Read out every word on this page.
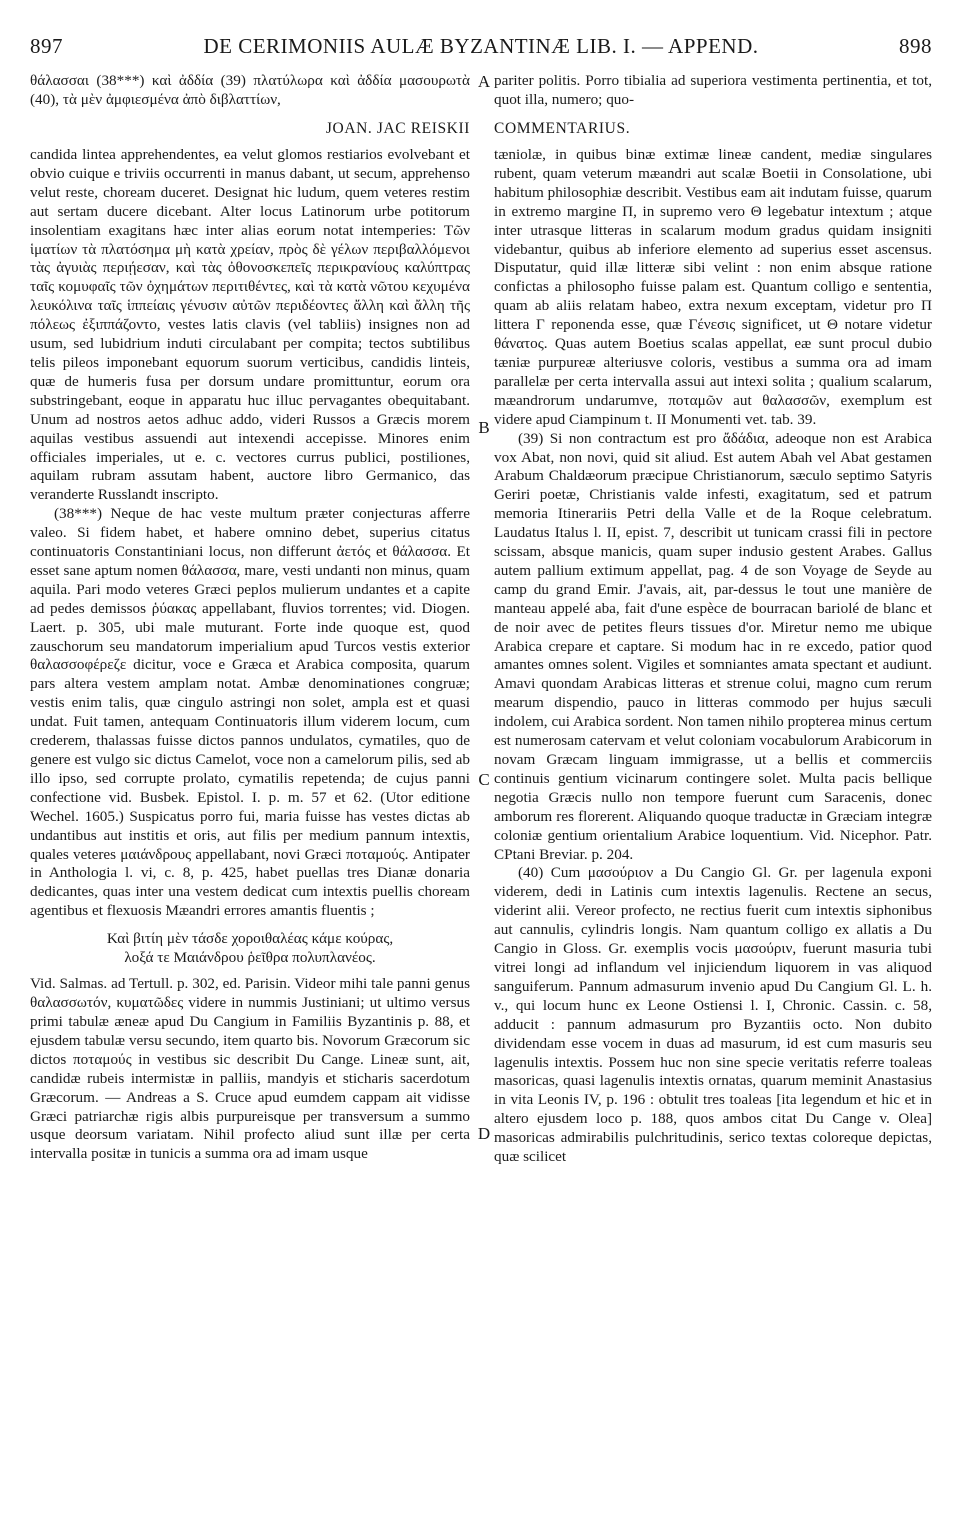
897	DE CERIMONIIS AULÆ BYZANTINÆ LIB. I. — APPEND.	898
θάλασσαι (38***) καὶ ἀδδία (39) πλατύλωρα καὶ ἀδδία μασουρωτὰ (40), τὰ μὲν ἀμφιεσμένα ἀπὸ διβλαττίων,
pariter politis. Porro tibialia ad superiora vestimenta pertinentia, et tot, quot illa, numero; quo-
JOAN. JAC REISKII COMMENTARIUS.
A
B
C
D

candida lintea apprehendentes, ea velut glomos restiarios evolvebant et obvio cuique e triviis occurrenti in manus dabant, ut secum, apprehenso velut reste, choream duceret. Designat hic ludum, quem veteres restim aut sertam ducere dicebant. Alter locus Latinorum urbe potitorum insolentiam exagitans hæc inter alias eorum notat intemperies: Τῶν ἱματίων τὰ πλατόσημα μὴ κατὰ χρείαν, πρὸς δὲ γέλων περιβαλλόμενοι τὰς ἀγυιὰς περιῄεσαν, καὶ τὰς ὀθονοσκεπεῖς περικρανίους καλύπτρας ταῖς κομυφαῖς τῶν ὀχημάτων περιτιθέντες, καὶ τὰ κατὰ νῶτου κεχυμένα λευκόλινα ταῖς ἱππείαις γένυσιν αὐτῶν περιδέοντες ἄλλη καὶ ἄλλη τῆς πόλεως ἐξιππάζοντο, vestes latis clavis (vel tabliis) insignes non ad usum, sed lubidrium induti circulabant per compita; tectos subtilibus telis pileos imponebant equorum suorum verticibus, candidis linteis, quæ de humeris fusa per dorsum undare promittuntur, eorum ora substringebant, eoque in apparatu huc illuc pervagantes obequitabant. Unum ad nostros aetos adhuc addo, videri Russos a Græcis morem aquilas vestibus assuendi aut intexendi accepisse. Minores enim officiales imperiales, ut e. c. vectores currus publici, postiliones, aquilam rubram assutam habent, auctore libro Germanico, das veranderte Russlandt inscripto.

(38***) Neque de hac veste multum præter conjecturas afferre valeo. Si fidem habet, et habere omnino debet, superius citatus continuatoris Constantiniani locus, non differunt ἀετός et θάλασσα. Et esset sane aptum nomen θάλασσα, mare, vesti undanti non minus, quam aquila. Pari modo veteres Græci peplos mulierum undantes et a capite ad pedes demissos ῥύακας appellabant, fluvios torrentes; vid. Diogen. Laert. p. 305, ubi male muturant. Forte inde quoque est, quod zauschorum seu mandatorum imperialium apud Turcos vestis exterior θαλασσοφέρεζε dicitur, voce e Græca et Arabica composita, quarum pars altera vestem amplam notat. Ambæ denominationes congruæ; vestis enim talis, quæ cingulo astringi non solet, ampla est et quasi undat. Fuit tamen, antequam Continuatoris illum viderem locum, cum crederem, thalassas fuisse dictos pannos undulatos, cymatiles, quo de genere est vulgo sic dictus Camelot, voce non a camelorum pilis, sed ab illo ipso, sed corrupte prolato, cymatilis repetenda; de cujus panni confectione vid. Busbek. Epistol. I. p. m. 57 et 62. (Utor editione Wechel. 1605.) Suspicatus porro fui, maria fuisse has vestes dictas ab undantibus aut institis et oris, aut filis per medium pannum intextis, quales veteres μαιάνδρους appellabant, novi Græci ποταμούς. Antipater in Anthologia l. vi, c. 8, p. 425, habet puellas tres Dianæ donaria dedicantes, quas inter una vestem dedicat cum intextis puellis choream agentibus et flexuosis Mæandri errores amantis fluentis ;

Καὶ βιτίη μὲν τάσδε χοροιθαλέας κάμε κούρας,
λοξά τε Μαιάνδρου ῥεῖθρα πολυπλανέος.

Vid. Salmas. ad Tertull. p. 302, ed. Parisin. Videor mihi tale panni genus θαλασσωτόν, κυματῶδες videre in nummis Justiniani; ut ultimo versus primi tabulæ æneæ apud Du Cangium in Familiis Byzantinis p. 88, et ejusdem tabulæ versu secundo, item quarto bis. Novorum Græcorum sic dictos ποταμούς in vestibus sic describit Du Cange. Lineæ sunt, ait, candidæ rubeis intermistæ in palliis, mandyis et sticharis sacerdotum Græcorum. — Andreas a S. Cruce apud eumdem cappam ait vidisse Græci patriarchæ rigis albis purpureisque per transversum a summo usque deorsum variatam. Nihil profecto aliud sunt illæ per certa intervalla positæ in tunicis a summa ora ad imam usque

tæniolæ, in quibus binæ extimæ lineæ candent, mediæ singulares rubent, quam veterum mæandri aut scalæ Boetii in Consolatione, ubi habitum philosophiæ describit. Vestibus eam ait indutam fuisse, quarum in extremo margine Π, in supremo vero Θ legebatur intextum ; atque inter utrasque litteras in scalarum modum gradus quidam insigniti videbantur, quibus ab inferiore elemento ad superius esset ascensus. Disputatur, quid illæ litteræ sibi velint : non enim absque ratione confictas a philosopho fuisse palam est. Quantum colligo e sententia, quam ab aliis relatam habeo, extra nexum exceptam, videtur pro Π littera Γ reponenda esse, quæ Γένεσις significet, ut Θ notare videtur θάνατος. Quas autem Boetius scalas appellat, eæ sunt procul dubio tæniæ purpureæ alteriusve coloris, vestibus a summa ora ad imam parallelæ per certa intervalla assui aut intexi solita ; qualium scalarum, mæandrorum undarumve, ποταμῶν aut θαλασσῶν, exemplum est videre apud Ciampinum t. II Monumenti vet. tab. 39.

(39) Si non contractum est pro ἄδάδια, adeoque non est Arabica vox Abat, non novi, quid sit aliud. Est autem Abah vel Abat gestamen Arabum Chaldæorum præcipue Christianorum, sæculo septimo Satyris Geriri poetæ, Christianis valde infesti, exagitatum, sed et patrum memoria Itinerariis Petri della Valle et de la Roque celebratum. Laudatus Italus l. II, epist. 7, describit ut tunicam crassi fili in pectore scissam, absque manicis, quam super indusio gestent Arabes. Gallus autem pallium extimum appellat, pag. 4 de son Voyage de Seyde au camp du grand Emir. J'avais, ait, par-dessus le tout une manière de manteau appelé aba, fait d'une espèce de bourracan bariolé de blanc et de noir avec de petites fleurs tissues d'or. Miretur nemo me ubique Arabica crepare et captare. Si modum hac in re excedo, patior quod amantes omnes solent. Vigiles et somniantes amata spectant et audiunt. Amavi quondam Arabicas litteras et strenue colui, magno cum rerum mearum dispendio, pauco in litteras commodo per hujus sæculi indolem, cui Arabica sordent. Non tamen nihilo propterea minus certum est numerosam catervam et velut coloniam vocabulorum Arabicorum in novam Græcam linguam immigrasse, ut a bellis et commerciis continuis gentium vicinarum contingere solet. Multa pacis bellique negotia Græcis nullo non tempore fuerunt cum Saracenis, donec amborum res florerent. Aliquando quoque traductæ in Græciam integræ coloniæ gentium orientalium Arabice loquentium. Vid. Nicephor. Patr. CPtani Breviar. p. 204.

(40) Cum μασούριον a Du Cangio Gl. Gr. per lagenula exponi viderem, dedi in Latinis cum intextis lagenulis. Rectene an secus, viderint alii. Vereor profecto, ne rectius fuerit cum intextis siphonibus aut cannulis, cylindris longis. Nam quantum colligo ex allatis a Du Cangio in Gloss. Gr. exemplis vocis μασούριν, fuerunt masuria tubi vitrei longi ad inflandum vel injiciendum liquorem in vas aliquod sanguiferum. Pannum admasurum invenio apud Du Cangium Gl. L. h. v., qui locum hunc ex Leone Ostiensi l. I, Chronic. Cassin. c. 58, adducit : pannum admasurum pro Byzantiis octo. Non dubito dividendam esse vocem in duas ad masurum, id est cum masuris seu lagenulis intextis. Possem huc non sine specie veritatis referre toaleas masoricas, quasi lagenulis intextis ornatas, quarum meminit Anastasius in vita Leonis IV, p. 196 : obtulit tres toaleas [ita legendum et hic et in altero ejusdem loco p. 188, quos ambos citat Du Cange v. Olea] masoricas admirabilis pulchritudinis, serico textas coloreque depictas, quæ scilicet
